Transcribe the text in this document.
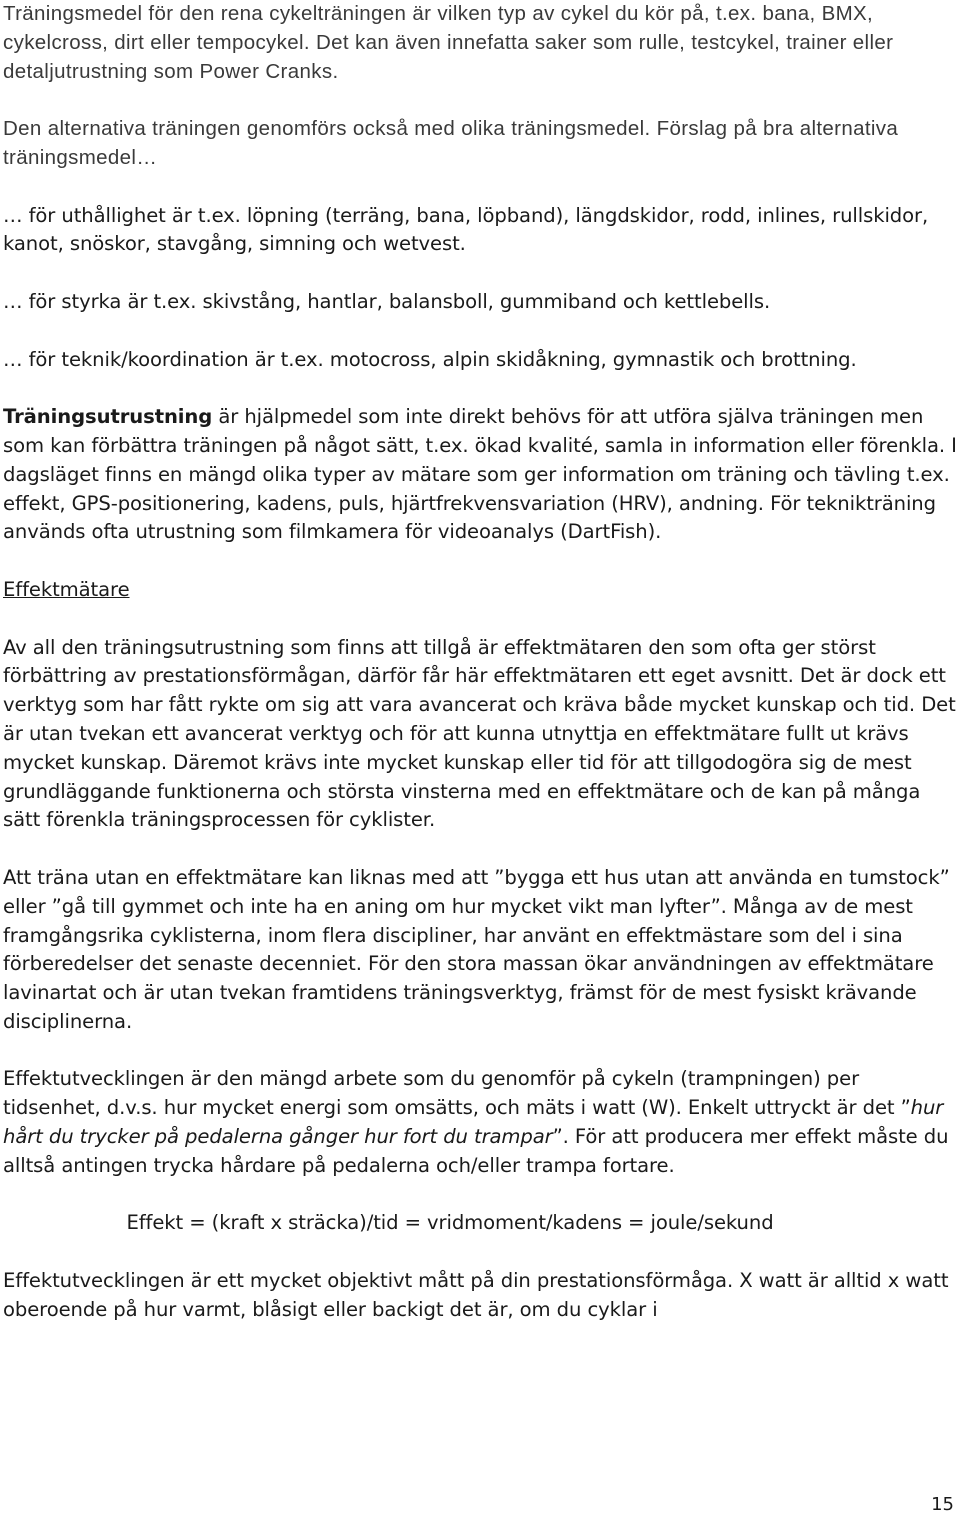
Träningsmedel för den rena cykelträningen är vilken typ av cykel du kör på, t.ex. bana, BMX, cykelcross, dirt eller tempocykel. Det kan även innefatta saker som rulle, testcykel, trainer eller detaljutrustning som Power Cranks.

Den alternativa träningen genomförs också med olika träningsmedel. Förslag på bra alternativa träningsmedel…

… för uthållighet är t.ex. löpning (terräng, bana, löpband), längdskidor, rodd, inlines, rullskidor, kanot, snöskor, stavgång, simning och wetvest.

… för styrka är t.ex. skivstång, hantlar, balansboll, gummiband och kettlebells.

… för teknik/koordination är t.ex. motocross, alpin skidåkning, gymnastik och brottning.

Träningsutrustning är hjälpmedel som inte direkt behövs för att utföra själva träningen men som kan förbättra träningen på något sätt, t.ex. ökad kvalité, samla in information eller förenkla. I dagsläget finns en mängd olika typer av mätare som ger information om träning och tävling t.ex. effekt, GPS-positionering, kadens, puls, hjärtfrekvensvariation (HRV), andning. För teknikträning används ofta utrustning som filmkamera för videoanalys (DartFish).

Effektmätare

Av all den träningsutrustning som finns att tillgå är effektmätaren den som ofta ger störst förbättring av prestationsförmågan, därför får här effektmätaren ett eget avsnitt. Det är dock ett verktyg som har fått rykte om sig att vara avancerat och kräva både mycket kunskap och tid. Det är utan tvekan ett avancerat verktyg och för att kunna utnyttja en effektmätare fullt ut krävs mycket kunskap. Däremot krävs inte mycket kunskap eller tid för att tillgodogöra sig de mest grundläggande funktionerna och största vinsterna med en effektmätare och de kan på många sätt förenkla träningsprocessen för cyklister.

Att träna utan en effektmätare kan liknas med att ”bygga ett hus utan att använda en tumstock” eller ”gå till gymmet och inte ha en aning om hur mycket vikt man lyfter”. Många av de mest framgångsrika cyklisterna, inom flera discipliner, har använt en effektmästare som del i sina förberedelser det senaste decenniet. För den stora massan ökar användningen av effektmätare lavinartat och är utan tvekan framtidens träningsverktyg, främst för de mest fysiskt krävande disciplinerna.

Effektutvecklingen är den mängd arbete som du genomför på cykeln (trampningen) per tidsenhet, d.v.s. hur mycket energi som omsätts, och mäts i watt (W). Enkelt uttryckt är det ”hur hårt du trycker på pedalerna gånger hur fort du trampar”. För att producera mer effekt måste du alltså antingen trycka hårdare på pedalerna och/eller trampa fortare.

Effekt = (kraft x sträcka)/tid = vridmoment/kadens = joule/sekund

Effektutvecklingen är ett mycket objektivt mått på din prestationsförmåga. X watt är alltid x watt oberoende på hur varmt, blåsigt eller backigt det är, om du cyklar i

15
